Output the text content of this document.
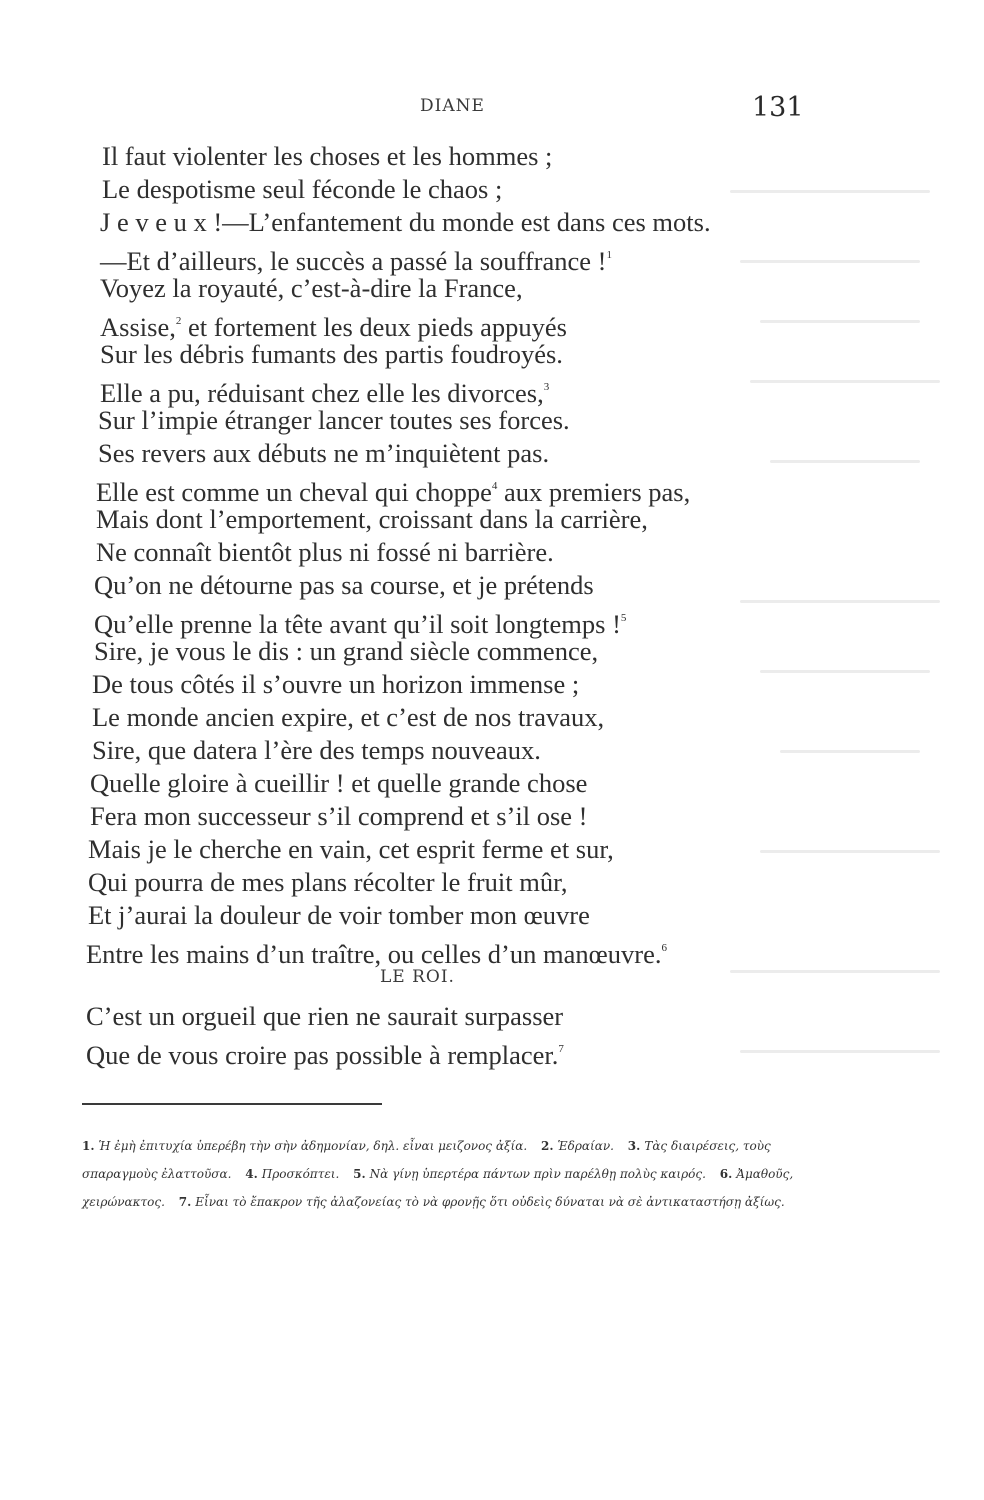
DIANE	131
Il faut violenter les choses et les hommes ;
Le despotisme seul féconde le chaos ;
J e v e u x !—L’enfantement du monde est dans ces mots.
—Et d’ailleurs, le succès a passé la souffrance !$^1$
Voyez la royauté, c’est-à-dire la France,
Assise,$^2$ et fortement les deux pieds appuyés
Sur les débris fumants des partis foudroyés.
Elle a pu, réduisant chez elle les divorces,$^3$
Sur l’impie étranger lancer toutes ses forces.
Ses revers aux débuts ne m’inquiètent pas.
Elle est comme un cheval qui choppe$^4$ aux premiers pas,
Mais dont l’emportement, croissant dans la carrière,
Ne connaît bientôt plus ni fossé ni barrière.
Qu’on ne détourne pas sa course, et je prétends
Qu’elle prenne la tête avant qu’il soit longtemps !$^5$
Sire, je vous le dis : un grand siècle commence,
De tous côtés il s’ouvre un horizon immense ;
Le monde ancien expire, et c’est de nos travaux,
Sire, que datera l’ère des temps nouveaux.
Quelle gloire à cueillir ! et quelle grande chose
Fera mon successeur s’il comprend et s’il ose !
Mais je le cherche en vain, cet esprit ferme et sur,
Qui pourra de mes plans récolter le fruit mûr,
Et j’aurai la douleur de voir tomber mon œuvre
Entre les mains d’un traître, ou celles d’un manœuvre.$^6$
LE ROI.
C’est un orgueil que rien ne saurait surpasser
Que de vous croire pas possible à remplacer.$^7$
1. Ἡ ἐμὴ ἐπιτυχία ὑπερέβη τὴν σὴν ἀδημονίαν, δηλ. εἶναι μειζονος ἀξία. 2. Ἑδραίαν. 3. Τὰς διαιρέσεις, τοὺς σπαραγμοὺς ἐλαττοῦσα. 4. Προσκόπτει. 5. Νὰ γίνῃ ὑπερτέρα πάντων πρὶν παρέλθῃ πολὺς καιρός. 6. Ἀμαθοῦς, χειρώνακτος. 7. Εἶναι τὸ ἔπακρον τῆς ἀλαζονείας τὸ νὰ φρονῇς ὅτι οὐδεὶς δύναται νὰ σὲ ἀντικαταστήσῃ ἀξίως.
